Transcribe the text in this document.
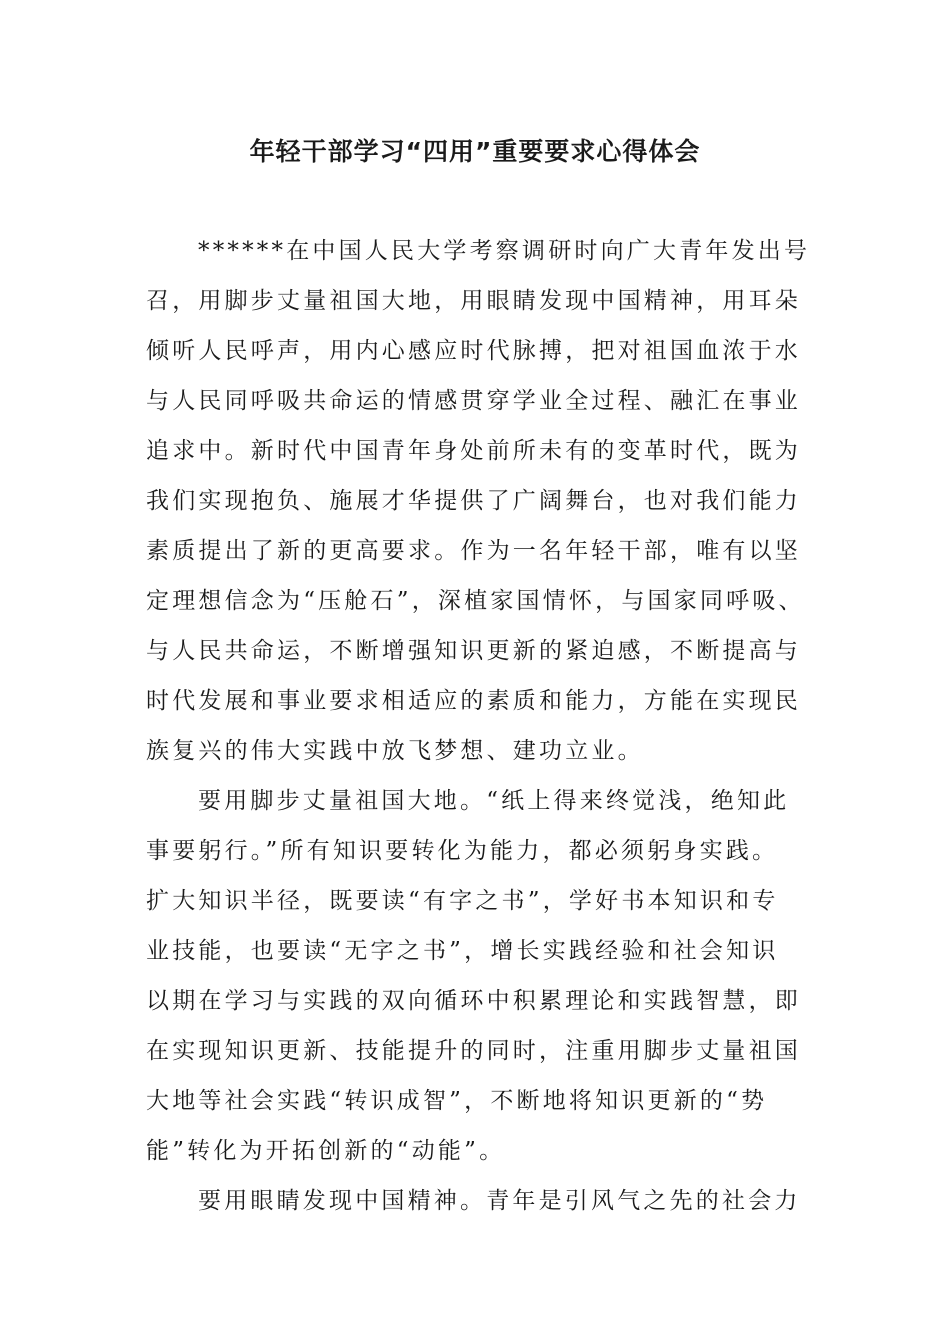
年轻干部学习“四用”重要要求心得体会

******在中国人民大学考察调研时向广大青年发出号

召，用脚步丈量祖国大地，用眼睛发现中国精神，用耳朵

倾听人民呼声，用内心感应时代脉搏，把对祖国血浓于水

与人民同呼吸共命运的情感贯穿学业全过程、融汇在事业

追求中。新时代中国青年身处前所未有的变革时代，既为

我们实现抱负、施展才华提供了广阔舞台，也对我们能力

素质提出了新的更高要求。作为一名年轻干部，唯有以坚

定理想信念为“压舱石”，深植家国情怀，与国家同呼吸、

与人民共命运，不断增强知识更新的紧迫感，不断提高与

时代发展和事业要求相适应的素质和能力，方能在实现民

族复兴的伟大实践中放飞梦想、建功立业。

要用脚步丈量祖国大地。“纸上得来终觉浅，绝知此

事要躬行。”所有知识要转化为能力，都必须躬身实践。

扩大知识半径，既要读“有字之书”，学好书本知识和专

业技能，也要读“无字之书”，增长实践经验和社会知识

以期在学习与实践的双向循环中积累理论和实践智慧，即

在实现知识更新、技能提升的同时，注重用脚步丈量祖国

大地等社会实践“转识成智”，不断地将知识更新的“势

能”转化为开拓创新的“动能”。

要用眼睛发现中国精神。青年是引风气之先的社会力
